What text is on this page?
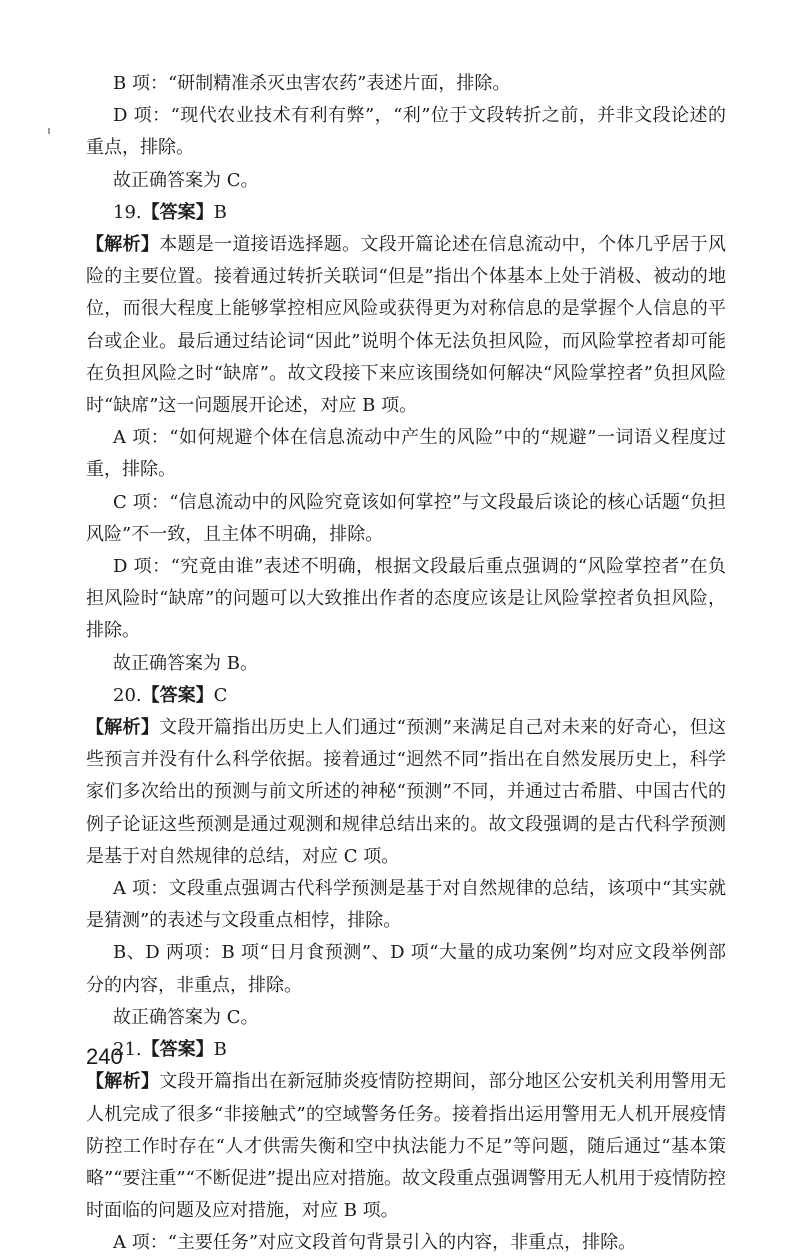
B 项：“研制精准杀灭虫害农药”表述片面，排除。

D 项：“现代农业技术有利有弊”，“利”位于文段转折之前，并非文段论述的重点，排除。

故正确答案为 C。

19.【答案】B

【解析】本题是一道接语选择题。文段开篇论述在信息流动中，个体几乎居于风险的主要位置。接着通过转折关联词“但是”指出个体基本上处于消极、被动的地位，而很大程度上能够掌控相应风险或获得更为对称信息的是掌握个人信息的平台或企业。最后通过结论词“因此”说明个体无法负担风险，而风险掌控者却可能在负担风险之时“缺席”。故文段接下来应该围绕如何解决“风险掌控者”负担风险时“缺席”这一问题展开论述，对应 B 项。

A 项：“如何规避个体在信息流动中产生的风险”中的“规避”一词语义程度过重，排除。

C 项：“信息流动中的风险究竟该如何掌控”与文段最后谈论的核心话题“负担风险”不一致，且主体不明确，排除。

D 项：“究竟由谁”表述不明确，根据文段最后重点强调的“风险掌控者”在负担风险时“缺席”的问题可以大致推出作者的态度应该是让风险掌控者负担风险，排除。

故正确答案为 B。

20.【答案】C

【解析】文段开篇指出历史上人们通过“预测”来满足自己对未来的好奇心，但这些预言并没有什么科学依据。接着通过“迥然不同”指出在自然发展历史上，科学家们多次给出的预测与前文所述的神秘“预测”不同，并通过古希腊、中国古代的例子论证这些预测是通过观测和规律总结出来的。故文段强调的是古代科学预测是基于对自然规律的总结，对应 C 项。

A 项：文段重点强调古代科学预测是基于对自然规律的总结，该项中“其实就是猜测”的表述与文段重点相悖，排除。

B、D 两项：B 项“日月食预测”、D 项“大量的成功案例”均对应文段举例部分的内容，非重点，排除。

故正确答案为 C。

21.【答案】B

【解析】文段开篇指出在新冠肺炎疫情防控期间，部分地区公安机关利用警用无人机完成了很多“非接触式”的空域警务任务。接着指出运用警用无人机开展疫情防控工作时存在“人才供需失衡和空中执法能力不足”等问题，随后通过“基本策略”“要注重”“不断促进”提出应对措施。故文段重点强调警用无人机用于疫情防控时面临的问题及应对措施，对应 B 项。

A 项：“主要任务”对应文段首句背景引入的内容，非重点，排除。

240
